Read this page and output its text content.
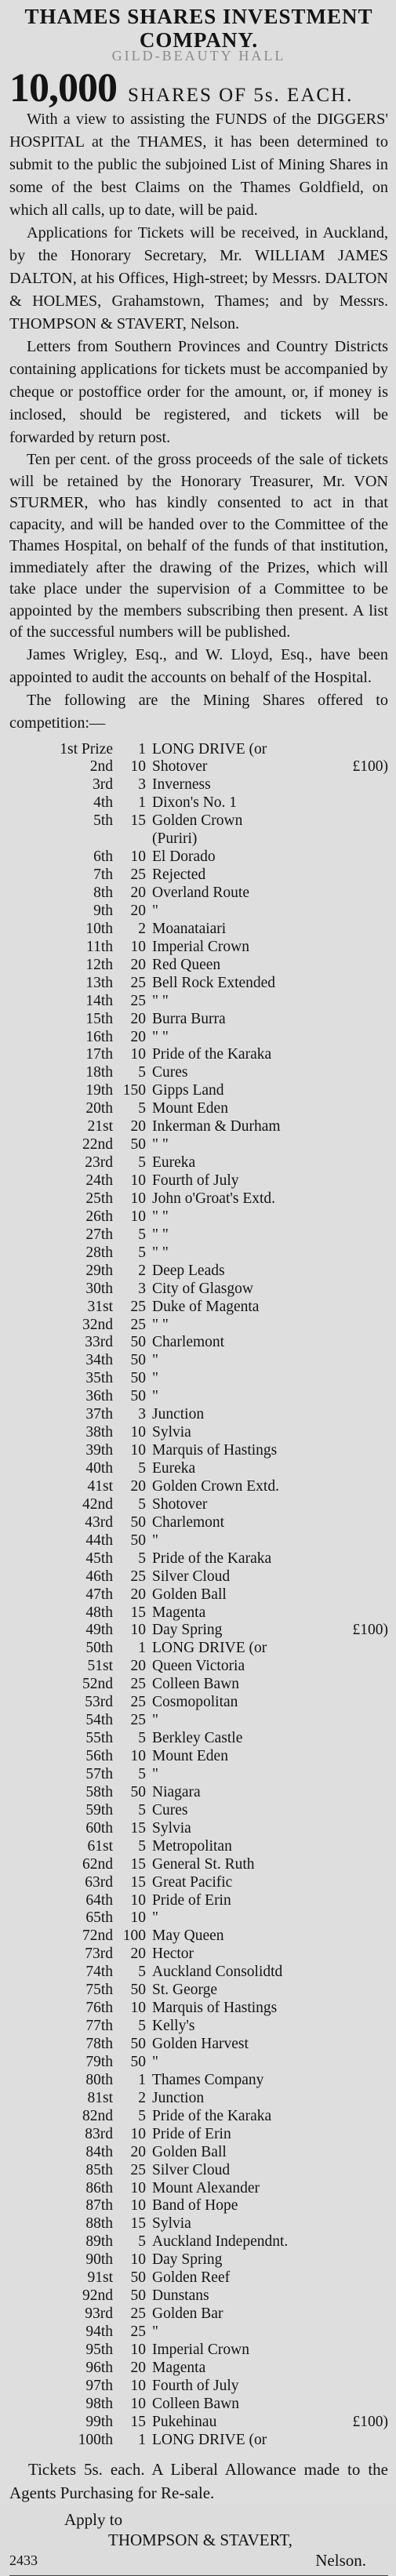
THAMES SHARES INVESTMENT
COMPANY.
GILD-BEAUTY HALL
10,000 SHARES OF 5s. EACH.

With a view to assisting the FUNDS of the DIGGERS' HOSPITAL at the THAMES, it has been determined to submit to the public the subjoined List of Mining Shares in some of the best Claims on the Thames Goldfield, on which all calls, up to date, will be paid.

Applications for Tickets will be received, in Auckland, by the Honorary Secretary, Mr. WILLIAM JAMES DALTON, at his Offices, High-street; by Messrs. DALTON & HOLMES, Grahamstown, Thames; and by Messrs. THOMPSON & STAVERT, Nelson.

Letters from Southern Provinces and Country Districts containing applications for tickets must be accompanied by cheque or postoffice order for the amount, or, if money is inclosed, should be registered, and tickets will be forwarded by return post.

Ten per cent. of the gross proceeds of the sale of tickets will be retained by the Honorary Treasurer, Mr. VON STURMER, who has kindly consented to act in that capacity, and will be handed over to the Committee of the Thames Hospital, on behalf of the funds of that institution, immediately after the drawing of the Prizes, which will take place under the supervision of a Committee to be appointed by the members subscribing then present. A list of the successful numbers will be published.

James Wrigley, Esq., and W. Lloyd, Esq., have been appointed to audit the accounts on behalf of the Hospital.

The following are the Mining Shares offered to competition:—

1st Prize	1 LONG DRIVE (or
2nd	10 Shotover	£100)
3rd	3 Inverness
4th	1 Dixon's No. 1
5th	15 Golden Crown
(Puriri)
6th	10 El Dorado
7th	25 Rejected
8th	20 Overland Route
9th	20 "
10th	2 Moanataiari
11th	10 Imperial Crown
12th	20 Red Queen
13th	25 Bell Rock Extended
14th	25 " "
15th	20 Burra Burra
16th	20 " "
17th	10 Pride of the Karaka
18th	5 Cures
19th 150 Gipps Land
20th	5 Mount Eden
21st	20 Inkerman & Durham
22nd	50 " "
23rd	5 Eureka
24th	10 Fourth of July
25th	10 John o'Groat's Extd.
26th	10 " "
27th	5 " "
28th	5 " "
29th	2 Deep Leads
30th	3 City of Glasgow
31st	25 Duke of Magenta
32nd	25 " "
33rd	50 Charlemont
34th	50 "
35th	50 "
36th	50 "
37th	3 Junction
38th	10 Sylvia
39th	10 Marquis of Hastings
40th	5 Eureka
41st	20 Golden Crown Extd.
42nd	5 Shotover
43rd	50 Charlemont
44th	50 "
45th	5 Pride of the Karaka
46th	25 Silver Cloud
47th	20 Golden Ball
48th	15 Magenta
49th	10 Day Spring	£100)
50th	1 LONG DRIVE (or
51st	20 Queen Victoria
52nd	25 Colleen Bawn
53rd	25 Cosmopolitan
54th	25 "
55th	5 Berkley Castle
56th	10 Mount Eden
57th	5 "
58th	50 Niagara
59th	5 Cures
60th	15 Sylvia
61st	5 Metropolitan
62nd	15 General St. Ruth
63rd	15 Great Pacific
64th	10 Pride of Erin
65th	10 "
72nd 100 May Queen
73rd	20 Hector
74th	5 Auckland Consolidtd
75th	50 St. George
76th	10 Marquis of Hastings
77th	5 Kelly's
78th	50 Golden Harvest
79th	50 "
80th	1 Thames Company
81st	2 Junction
82nd	5 Pride of the Karaka
83rd	10 Pride of Erin
84th	20 Golden Ball
85th	25 Silver Cloud
86th	10 Mount Alexander
87th	10 Band of Hope
88th	15 Sylvia
89th	5 Auckland Independnt.
90th	10 Day Spring
91st	50 Golden Reef
92nd	50 Dunstans
93rd	25 Golden Bar
94th	25 "
95th	10 Imperial Crown
96th	20 Magenta
97th	10 Fourth of July
98th	10 Colleen Bawn
99th	15 Pukehinau	£100)
100th	1 LONG DRIVE (or

Tickets 5s. each. A Liberal Allowance made to the Agents Purchasing for Re-sale.

Apply to
THOMPSON & STAVERT,
Nelson.
2433
